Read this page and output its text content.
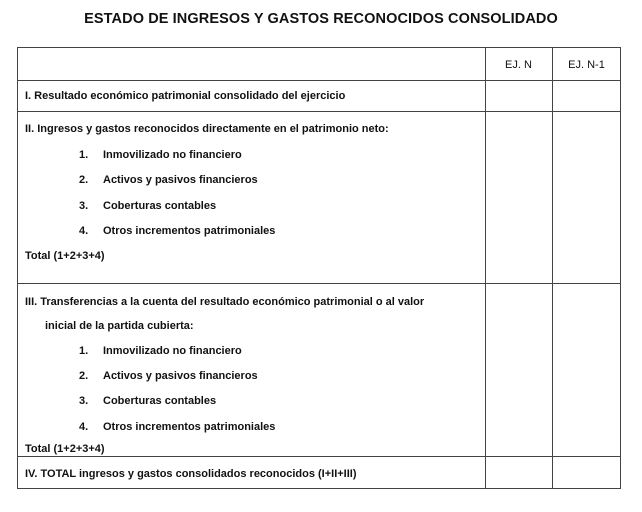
ESTADO DE INGRESOS Y GASTOS RECONOCIDOS CONSOLIDADO
EJ. N	EJ. N-1
I. Resultado económico patrimonial consolidado del ejercicio
II. Ingresos y gastos reconocidos directamente en el patrimonio neto:
1. Inmovilizado no financiero
2. Activos y pasivos financieros
3. Coberturas contables
4. Otros incrementos patrimoniales
Total (1+2+3+4)
III. Transferencias a la cuenta del resultado económico patrimonial o al valor
inicial de la partida cubierta:
1. Inmovilizado no financiero
2. Activos y pasivos financieros
3. Coberturas contables
4. Otros incrementos patrimoniales
Total (1+2+3+4)
IV. TOTAL ingresos y gastos consolidados reconocidos (I+II+III)
